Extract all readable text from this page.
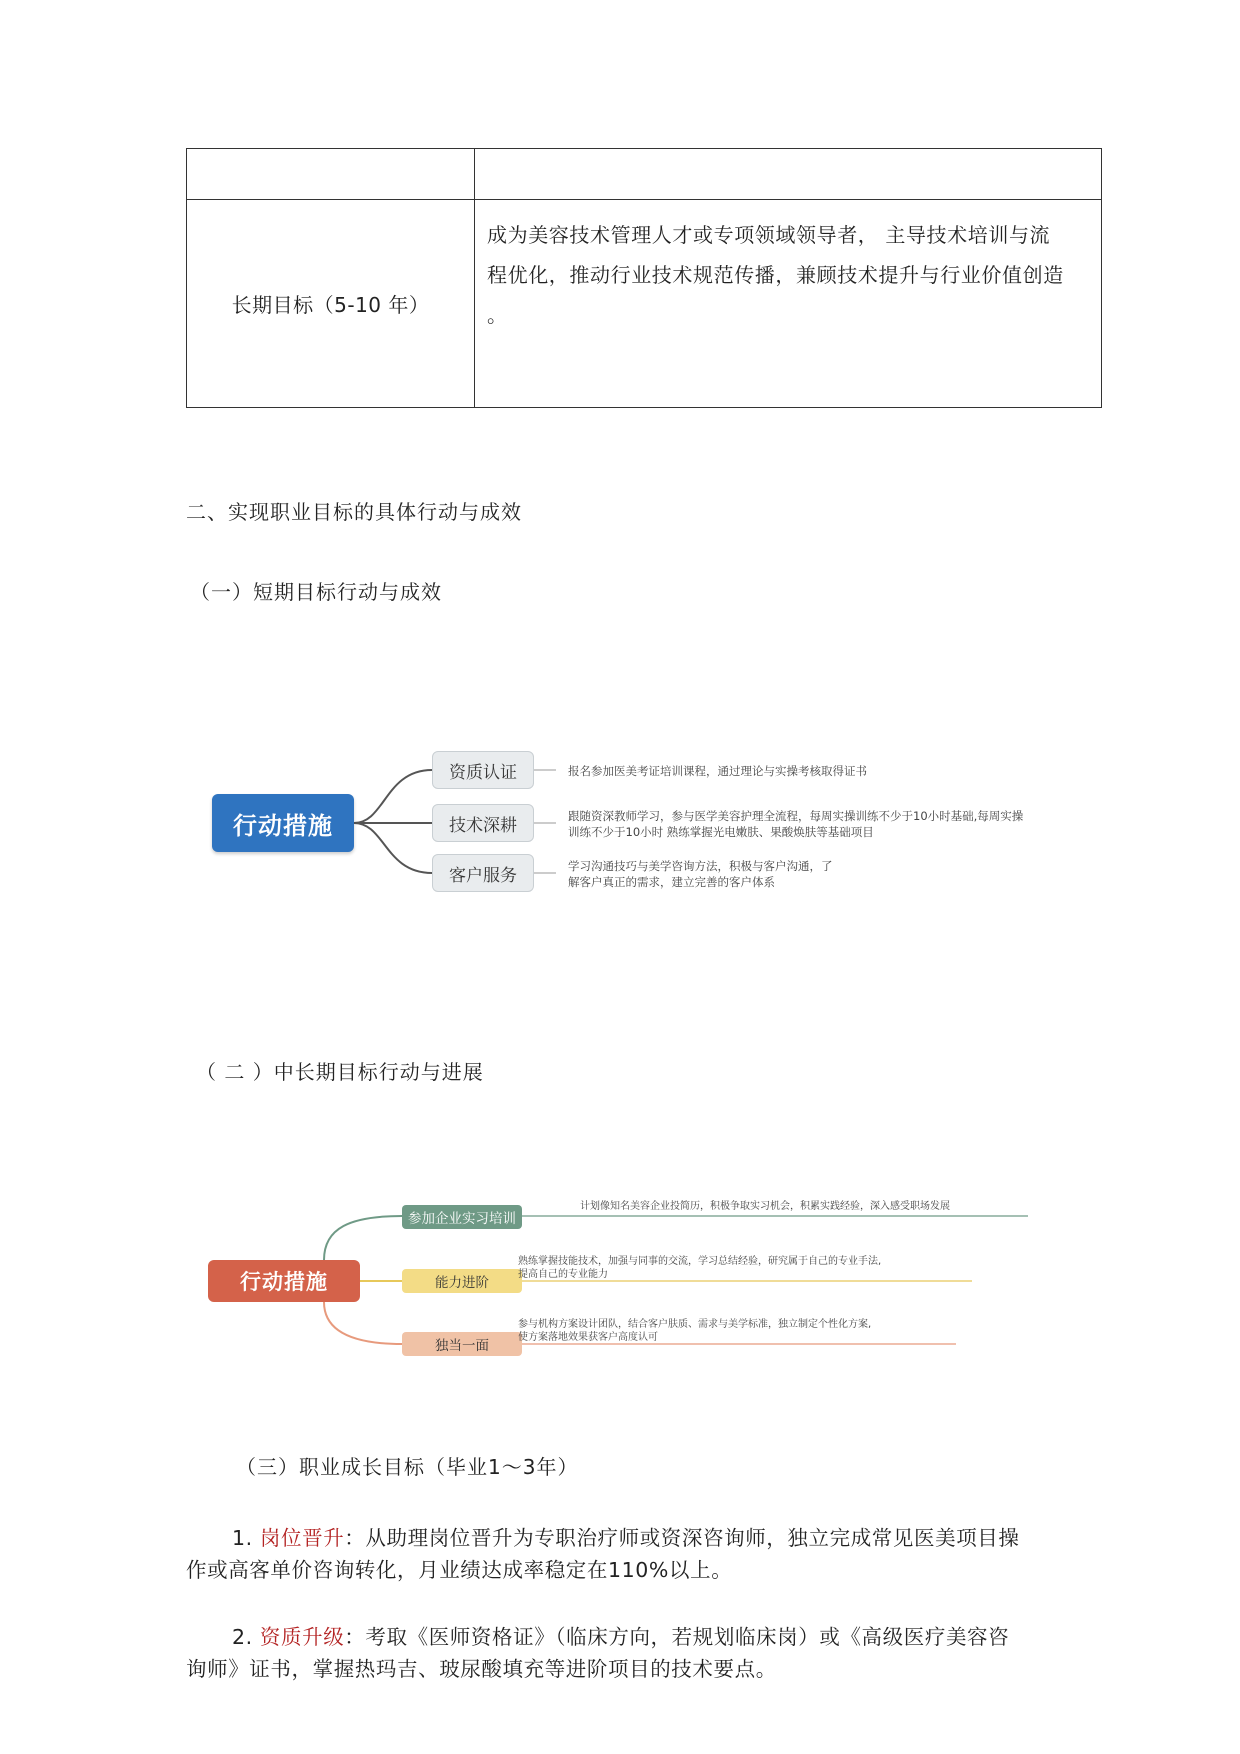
长期目标（5-10 年）
成为美容技术管理人才或专项领域领导者， 主导技术培训与流
程优化，推动行业技术规范传播，兼顾技术提升与行业价值创造
。
二、实现职业目标的具体行动与成效
（一）短期目标行动与成效
行动措施
资质认证
技术深耕
客户服务
报名参加医美考证培训课程，通过理论与实操考核取得证书
跟随资深教师学习，参与医学美容护理全流程，每周实操训练不少于10小时基础,每周实操
训练不少于10小时 熟练掌握光电嫩肤、果酸焕肤等基础项目
学习沟通技巧与美学咨询方法，积极与客户沟通，了
解客户真正的需求，建立完善的客户体系
（ 二 ）中长期目标行动与进展
行动措施
参加企业实习培训
能力进阶
独当一面
计划像知名美容企业投简历，积极争取实习机会，积累实践经验，深入感受职场发展
熟练掌握技能技术，加强与同事的交流，学习总结经验，研究属于自己的专业手法,
提高自己的专业能力
参与机构方案设计团队，结合客户肤质、需求与美学标准，独立制定个性化方案,
使方案落地效果获客户高度认可
（三）职业成长目标（毕业1～3年）
1. 岗位晋升：从助理岗位晋升为专职治疗师或资深咨询师，独立完成常见医美项目操
作或高客单价咨询转化，月业绩达成率稳定在110%以上。
2. 资质升级：考取《医师资格证》（临床方向，若规划临床岗）或《高级医疗美容咨
询师》证书，掌握热玛吉、玻尿酸填充等进阶项目的技术要点。
